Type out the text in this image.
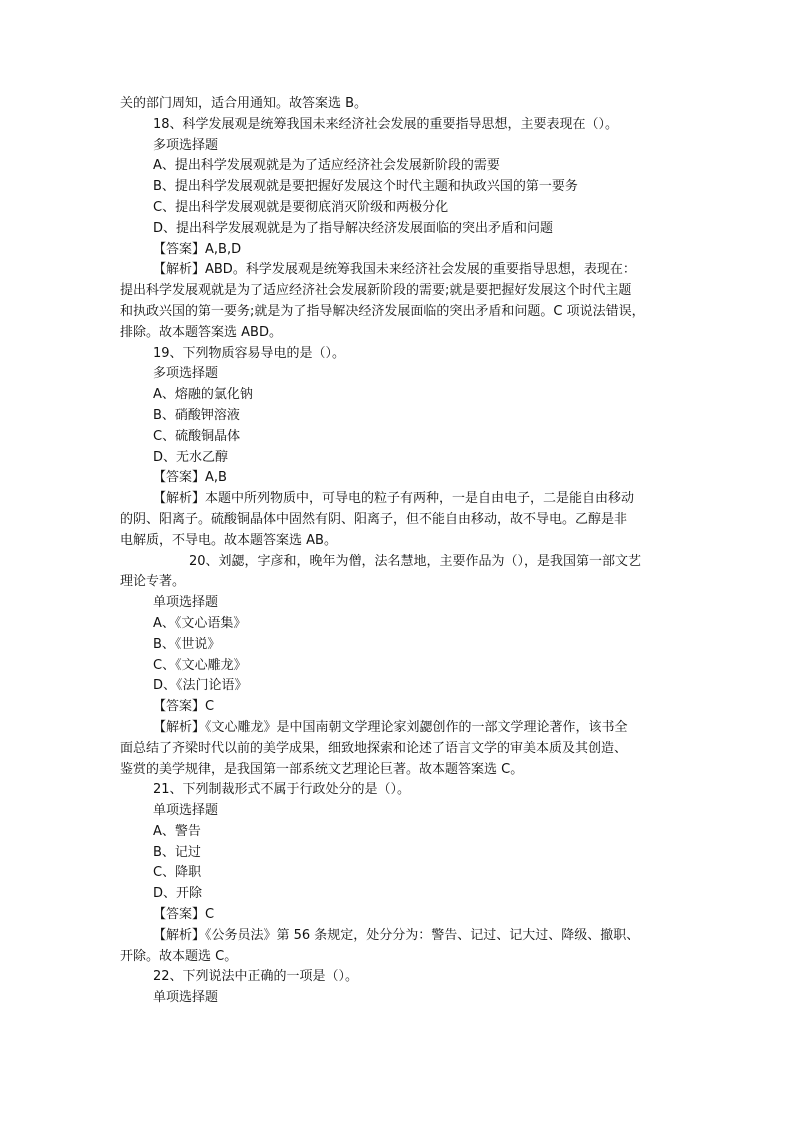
关的部门周知，适合用通知。故答案选 B。
18、科学发展观是统筹我国未来经济社会发展的重要指导思想，主要表现在（）。
多项选择题
A、提出科学发展观就是为了适应经济社会发展新阶段的需要
B、提出科学发展观就是要把握好发展这个时代主题和执政兴国的第一要务
C、提出科学发展观就是要彻底消灭阶级和两极分化
D、提出科学发展观就是为了指导解决经济发展面临的突出矛盾和问题
【答案】A,B,D
【解析】ABD。科学发展观是统筹我国未来经济社会发展的重要指导思想，表现在：
提出科学发展观就是为了适应经济社会发展新阶段的需要;就是要把握好发展这个时代主题
和执政兴国的第一要务;就是为了指导解决经济发展面临的突出矛盾和问题。C 项说法错误，
排除。故本题答案选 ABD。
19、下列物质容易导电的是（）。
多项选择题
A、熔融的氯化钠
B、硝酸钾溶液
C、硫酸铜晶体
D、无水乙醇
【答案】A,B
【解析】本题中所列物质中，可导电的粒子有两种，一是自由电子，二是能自由移动
的阴、阳离子。硫酸铜晶体中固然有阴、阳离子，但不能自由移动，故不导电。乙醇是非
电解质，不导电。故本题答案选 AB。
20、刘勰，字彦和，晚年为僧，法名慧地，主要作品为（），是我国第一部文艺
理论专著。
单项选择题
A、《文心语集》
B、《世说》
C、《文心雕龙》
D、《法门论语》
【答案】C
【解析】《文心雕龙》是中国南朝文学理论家刘勰创作的一部文学理论著作，该书全
面总结了齐梁时代以前的美学成果，细致地探索和论述了语言文学的审美本质及其创造、
鉴赏的美学规律，是我国第一部系统文艺理论巨著。故本题答案选 C。
21、下列制裁形式不属于行政处分的是（）。
单项选择题
A、警告
B、记过
C、降职
D、开除
【答案】C
【解析】《公务员法》第 56 条规定，处分分为：警告、记过、记大过、降级、撤职、
开除。故本题选 C。
22、下列说法中正确的一项是（）。
单项选择题
